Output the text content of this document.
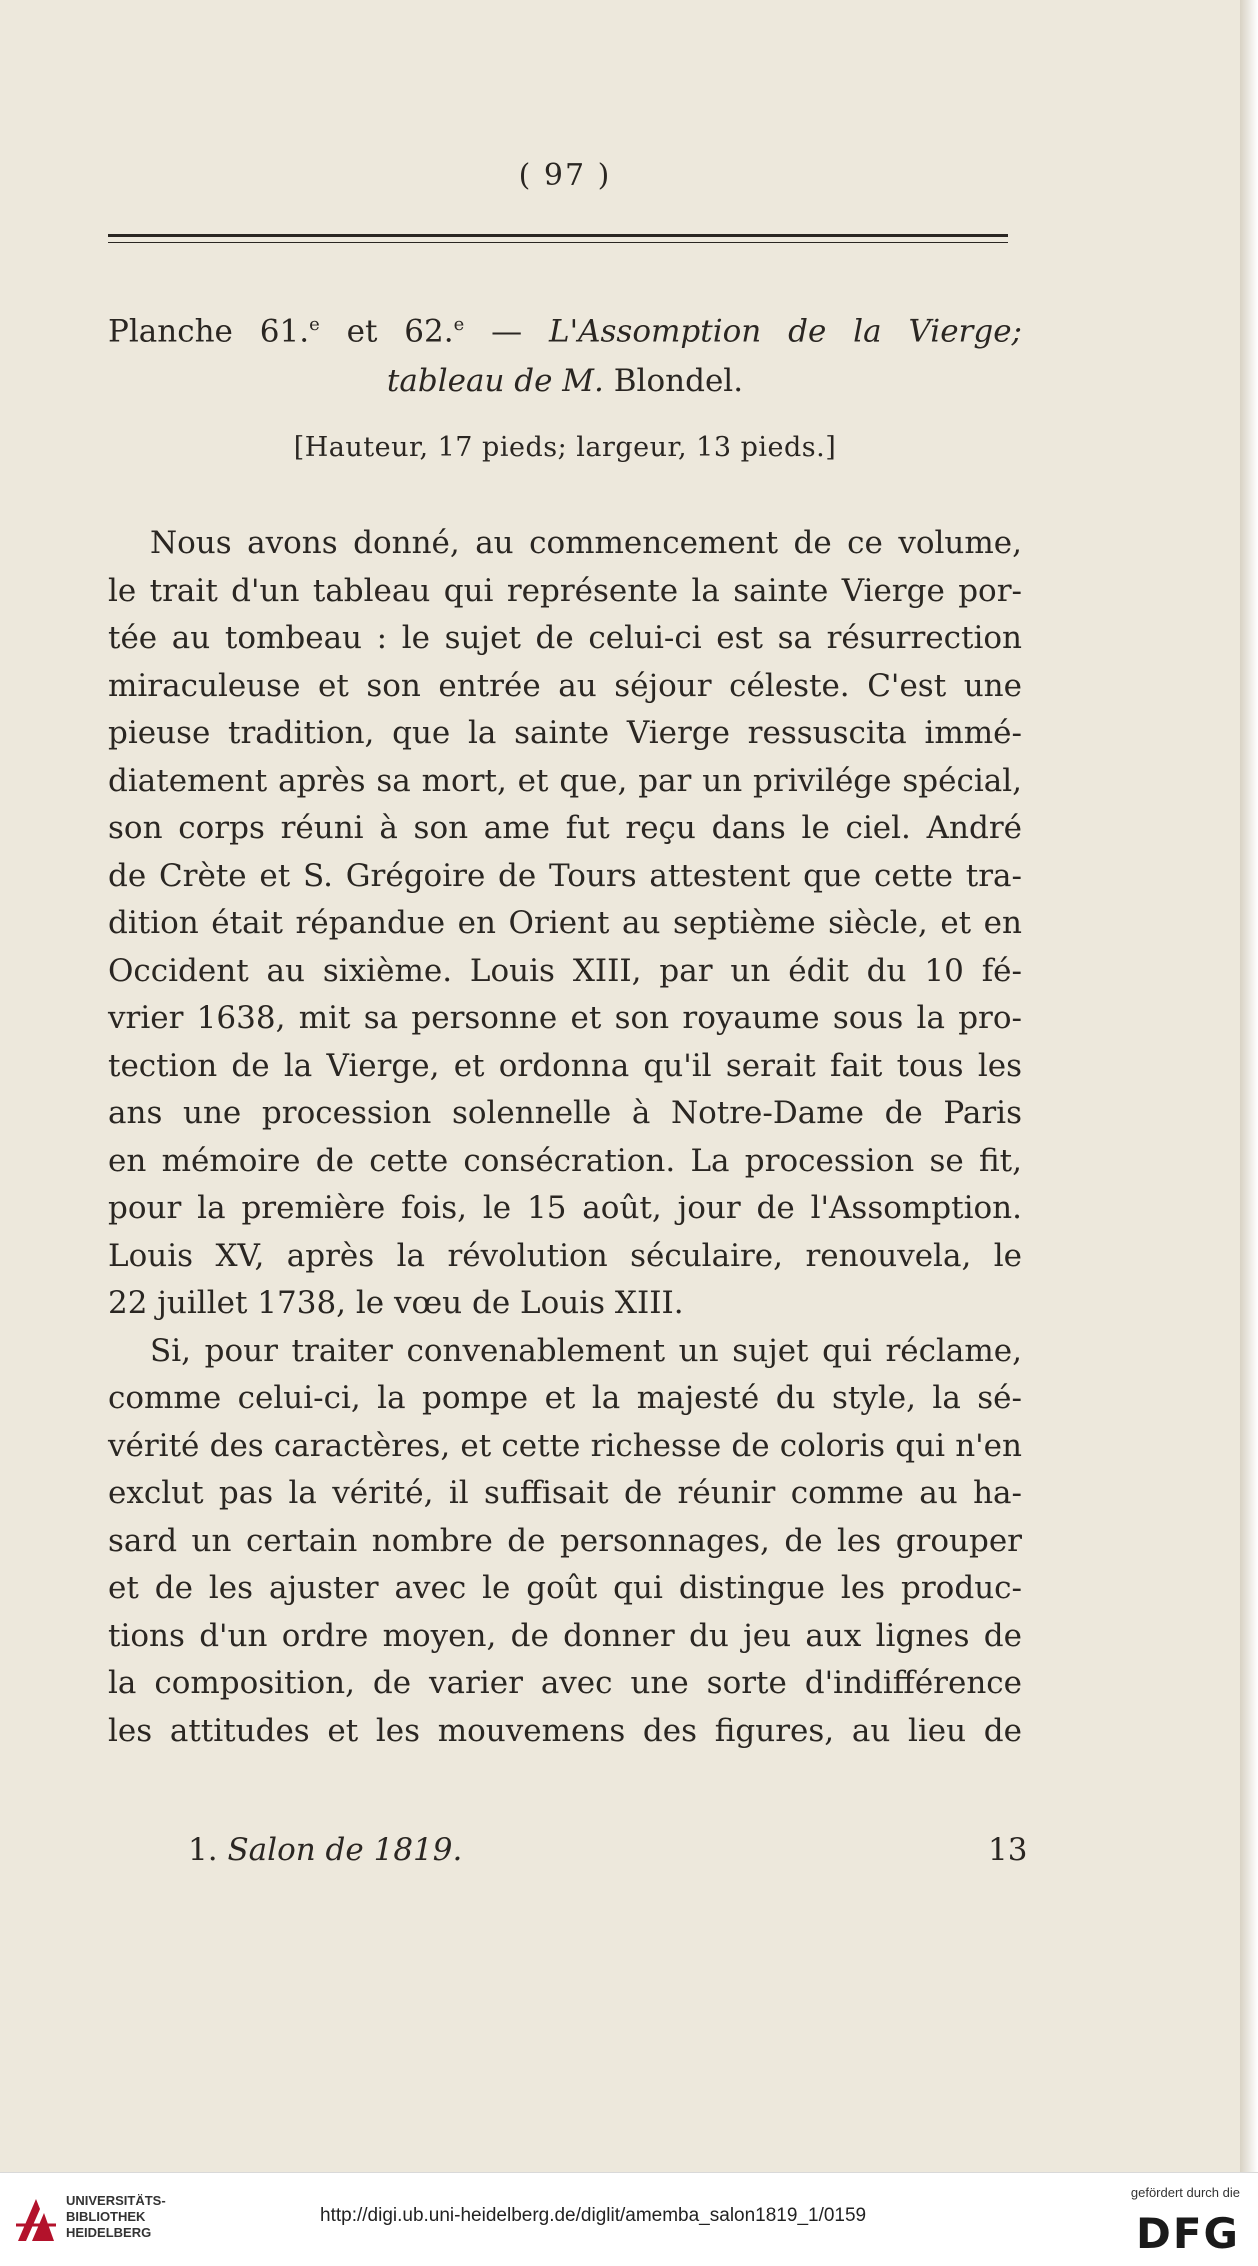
( 97 )
Planche 61.$^e$ et 62.$^e$ — L'Assomption de la Vierge;
tableau de M. Blondel.
[Hauteur, 17 pieds; largeur, 13 pieds.]
Nous avons donné, au commencement de ce volume,
le trait d'un tableau qui représente la sainte Vierge por-
tée au tombeau : le sujet de celui-ci est sa résurrection
miraculeuse et son entrée au séjour céleste. C'est une
pieuse tradition, que la sainte Vierge ressuscita immé-
diatement après sa mort, et que, par un privilége spécial,
son corps réuni à son ame fut reçu dans le ciel. André
de Crète et S. Grégoire de Tours attestent que cette tra-
dition était répandue en Orient au septième siècle, et en
Occident au sixième. Louis XIII, par un édit du 10 fé-
vrier 1638, mit sa personne et son royaume sous la pro-
tection de la Vierge, et ordonna qu'il serait fait tous les
ans une procession solennelle à Notre-Dame de Paris
en mémoire de cette consécration. La procession se fit,
pour la première fois, le 15 août, jour de l'Assomption.
Louis XV, après la révolution séculaire, renouvela, le
22 juillet 1738, le vœu de Louis XIII.
Si, pour traiter convenablement un sujet qui réclame,
comme celui-ci, la pompe et la majesté du style, la sé-
vérité des caractères, et cette richesse de coloris qui n'en
exclut pas la vérité, il suffisait de réunir comme au ha-
sard un certain nombre de personnages, de les grouper
et de les ajuster avec le goût qui distingue les produc-
tions d'un ordre moyen, de donner du jeu aux lignes de
la composition, de varier avec une sorte d'indifférence
les attitudes et les mouvemens des figures, au lieu de
1. Salon de 1819.	13
UNIVERSITÄTS-
BIBLIOTHEK
HEIDELBERG
http://digi.ub.uni-heidelberg.de/diglit/amemba_salon1819_1/0159
gefördert durch die
DFG
